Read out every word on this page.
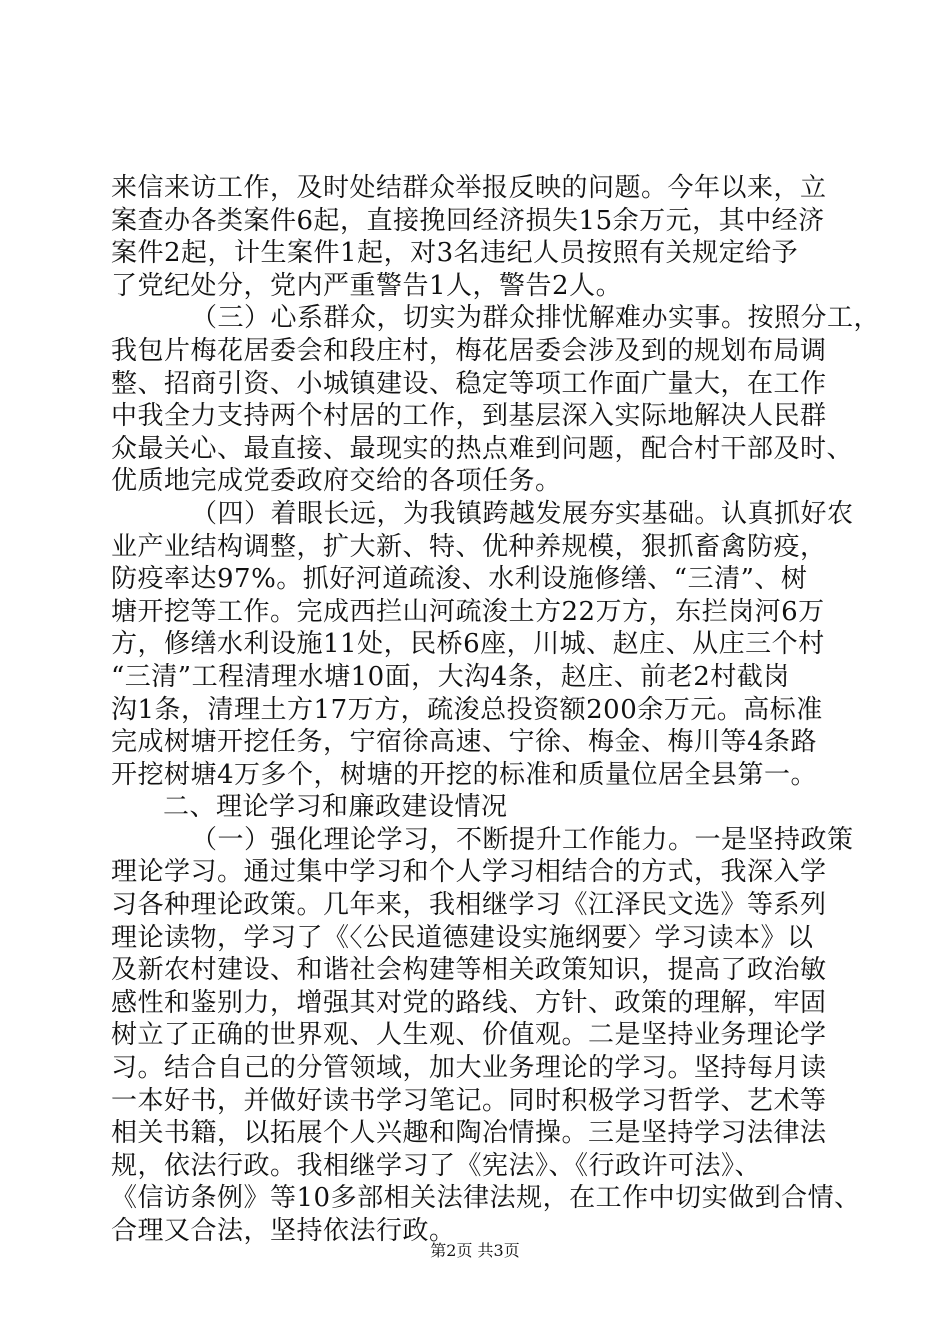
来信来访工作，及时处结群众举报反映的问题。今年以来，立
案查办各类案件6起，直接挽回经济损失15余万元，其中经济
案件2起，计生案件1起，对3名违纪人员按照有关规定给予
了党纪处分，党内严重警告1人，警告2人。
（三）心系群众，切实为群众排忧解难办实事。按照分工，
我包片梅花居委会和段庄村，梅花居委会涉及到的规划布局调
整、招商引资、小城镇建设、稳定等项工作面广量大，在工作
中我全力支持两个村居的工作，到基层深入实际地解决人民群
众最关心、最直接、最现实的热点难到问题，配合村干部及时、
优质地完成党委政府交给的各项任务。
（四）着眼长远，为我镇跨越发展夯实基础。认真抓好农
业产业结构调整，扩大新、特、优种养规模，狠抓畜禽防疫，
防疫率达97%。抓好河道疏浚、水利设施修缮、“三清”、树
塘开挖等工作。完成西拦山河疏浚土方22万方，东拦岗河6万
方，修缮水利设施11处，民桥6座，川城、赵庄、从庄三个村
“三清”工程清理水塘10面，大沟4条，赵庄、前老2村截岗
沟1条，清理土方17万方，疏浚总投资额200余万元。高标准
完成树塘开挖任务，宁宿徐高速、宁徐、梅金、梅川等4条路
开挖树塘4万多个，树塘的开挖的标准和质量位居全县第一。
二、理论学习和廉政建设情况
（一）强化理论学习，不断提升工作能力。一是坚持政策
理论学习。通过集中学习和个人学习相结合的方式，我深入学
习各种理论政策。几年来，我相继学习《江泽民文选》等系列
理论读物，学习了《〈公民道德建设实施纲要〉学习读本》以
及新农村建设、和谐社会构建等相关政策知识，提高了政治敏
感性和鉴别力，增强其对党的路线、方针、政策的理解，牢固
树立了正确的世界观、人生观、价值观。二是坚持业务理论学
习。结合自己的分管领域，加大业务理论的学习。坚持每月读
一本好书，并做好读书学习笔记。同时积极学习哲学、艺术等
相关书籍，以拓展个人兴趣和陶冶情操。三是坚持学习法律法
规，依法行政。我相继学习了《宪法》、《行政许可法》、
《信访条例》等10多部相关法律法规，在工作中切实做到合情、
合理又合法，坚持依法行政。
第2页 共3页
